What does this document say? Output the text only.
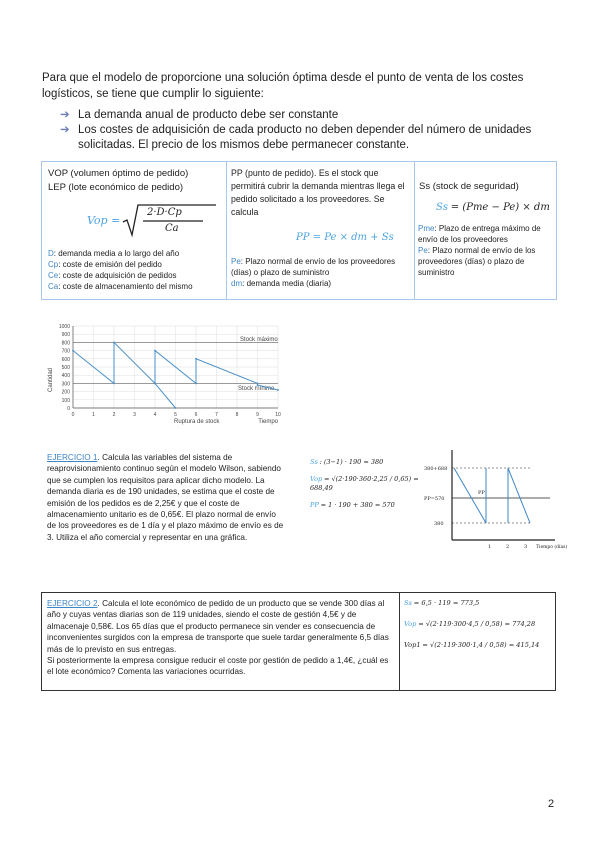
Para que el modelo de proporcione una solución óptima desde el punto de venta de los costes logísticos, se tiene que cumplir lo siguiente:
➔ La demanda anual de producto debe ser constante
➔ Los costes de adquisición de cada producto no deben depender del número de unidades solicitadas. El precio de los mismos debe permanecer constante.
VOP (volumen óptimo de pedido)
LEP (lote económico de pedido)
Vop =
2·D·Cp
Ca
D: demanda media a lo largo del año
Cp: coste de emisión del pedido
Ce: coste de adquisición de pedidos
Ca: coste de almacenamiento del mismo
PP (punto de pedido). Es el stock que permitirá cubrir la demanda mientras llega el pedido solicitado a los proveedores. Se calcula
PP = Pe × dm + Ss
Pe: Plazo normal de envío de los proveedores (días) o plazo de suministro
dm: demanda media (diaria)
Ss (stock de seguridad)
Ss = (Pme − Pe) × dm
Pme: Plazo de entrega máximo de envío de los proveedores
Pe: Plazo normal de envío de los proveedores (días) o plazo de suministro
Cantidad
Tiempo
Stock máximo
Stock mínimo
Ruptura de stock
0
100
200
300
400
500
600
700
800
900
1000
0	1	2	3	4	5	6	7	8	9	10
EJERCICIO 1. Calcula las variables del sistema de reaprovisionamiento continuo según el modelo Wilson, sabiendo que se cumplen los requisitos para aplicar dicho modelo. La demanda diaria es de 190 unidades, se estima que el coste de emisión de los pedidos es de 2,25€ y que el coste de almacenamiento unitario es de 0,65€. El plazo normal de envío de los proveedores es de 1 día y el plazo máximo de envío es de 3. Utiliza el año comercial y representar en una gráfica.
Ss : (3−1) · 190 = 380
Vop = √(2·190·360·2,25 / 0,65) = 688,49
PP = 1 · 190 + 380 = 570
380+688
PP=570
380
1	2	3 Tiempo (días)
PP
EJERCICIO 2. Calcula el lote económico de pedido de un producto que se vende 300 días al año y cuyas ventas diarias son de 119 unidades, siendo el coste de gestión 4,5€ y de almacenaje 0,58€. Los 65 días que el producto permanece sin vender es consecuencia de inconvenientes surgidos con la empresa de transporte que suele tardar generalmente 6,5 días más de lo previsto en sus entregas.
Si posteriormente la empresa consigue reducir el coste por gestión de pedido a 1,4€, ¿cuál es el lote económico? Comenta las variaciones ocurridas.
Ss = 6,5 · 119 = 773,5
Vop = √(2·119·300·4,5 / 0,58) = 774,28
Vop1 = √(2·119·300·1,4 / 0,58) = 415,14
2
